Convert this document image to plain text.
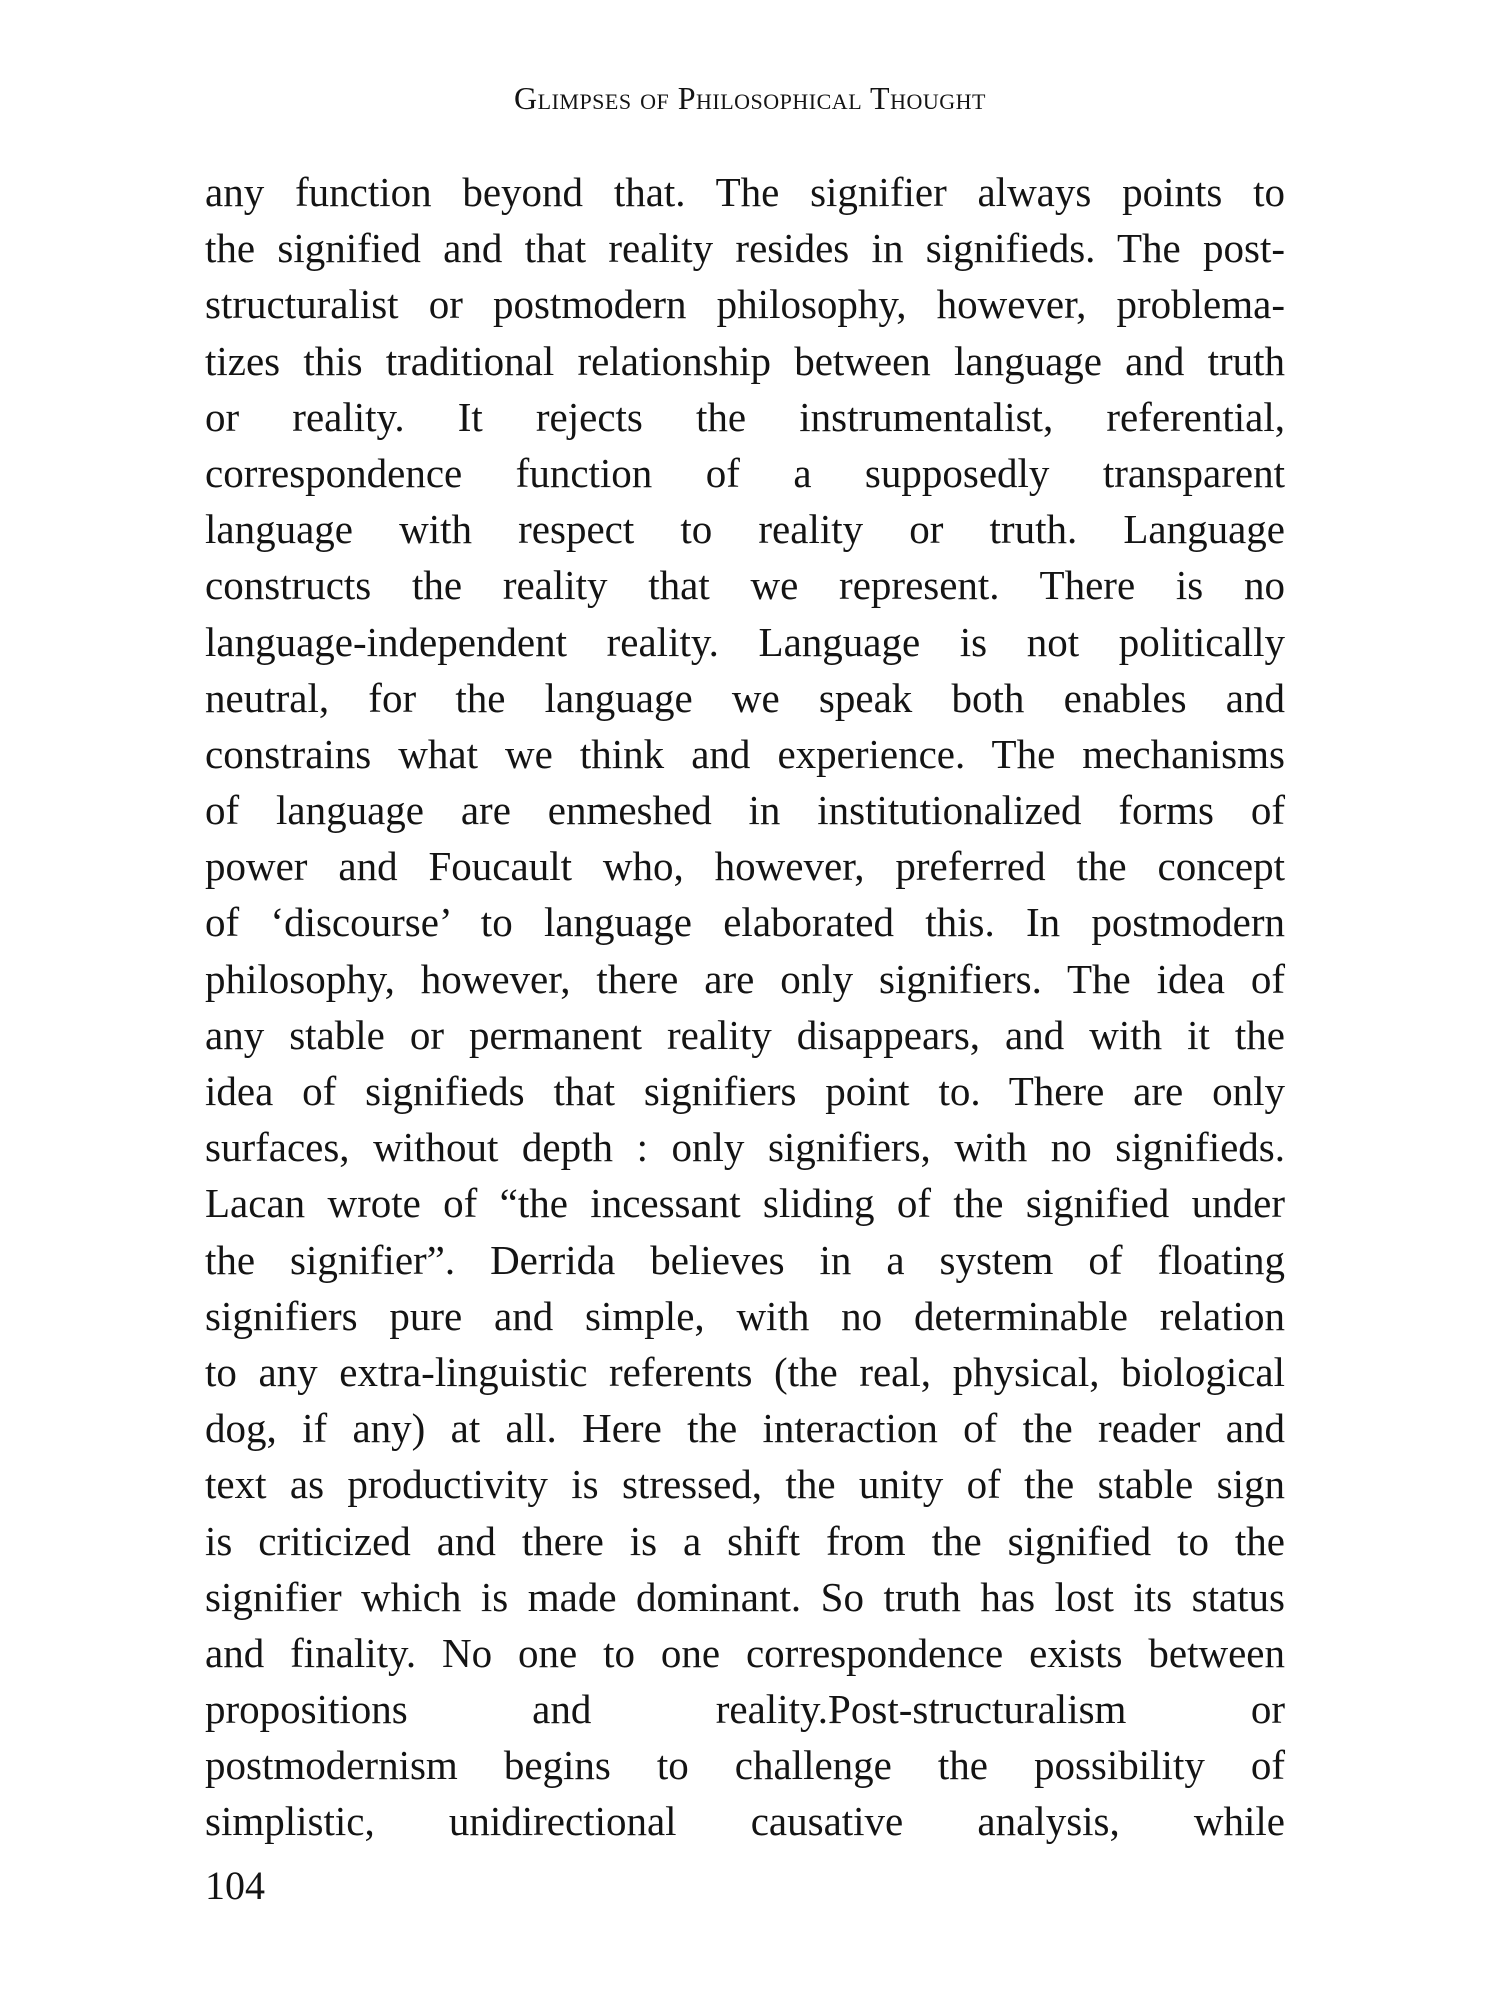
Glimpses of Philosophical Thought
any function beyond that. The signifier always points to
the signified and that reality resides in signifieds. The post-
structuralist or postmodern philosophy, however, problema-
tizes this traditional relationship between language and truth
or reality. It rejects the instrumentalist, referential,
correspondence function of a supposedly transparent
language with respect to reality or truth. Language
constructs the reality that we represent. There is no
language-independent reality. Language is not politically
neutral, for the language we speak both enables and
constrains what we think and experience. The mechanisms
of language are enmeshed in institutionalized forms of
power and Foucault who, however, preferred the concept
of ‘discourse’ to language elaborated this. In postmodern
philosophy, however, there are only signifiers. The idea of
any stable or permanent reality disappears, and with it the
idea of signifieds that signifiers point to. There are only
surfaces, without depth : only signifiers, with no signifieds.
Lacan wrote of “the incessant sliding of the signified under
the signifier”. Derrida believes in a system of floating
signifiers pure and simple, with no determinable relation
to any extra-linguistic referents (the real, physical, biological
dog, if any) at all. Here the interaction of the reader and
text as productivity is stressed, the unity of the stable sign
is criticized and there is a shift from the signified to the
signifier which is made dominant. So truth has lost its status
and finality. No one to one correspondence exists between
propositions and reality.Post-structuralism or
postmodernism begins to challenge the possibility of
simplistic, unidirectional causative analysis, while
104
